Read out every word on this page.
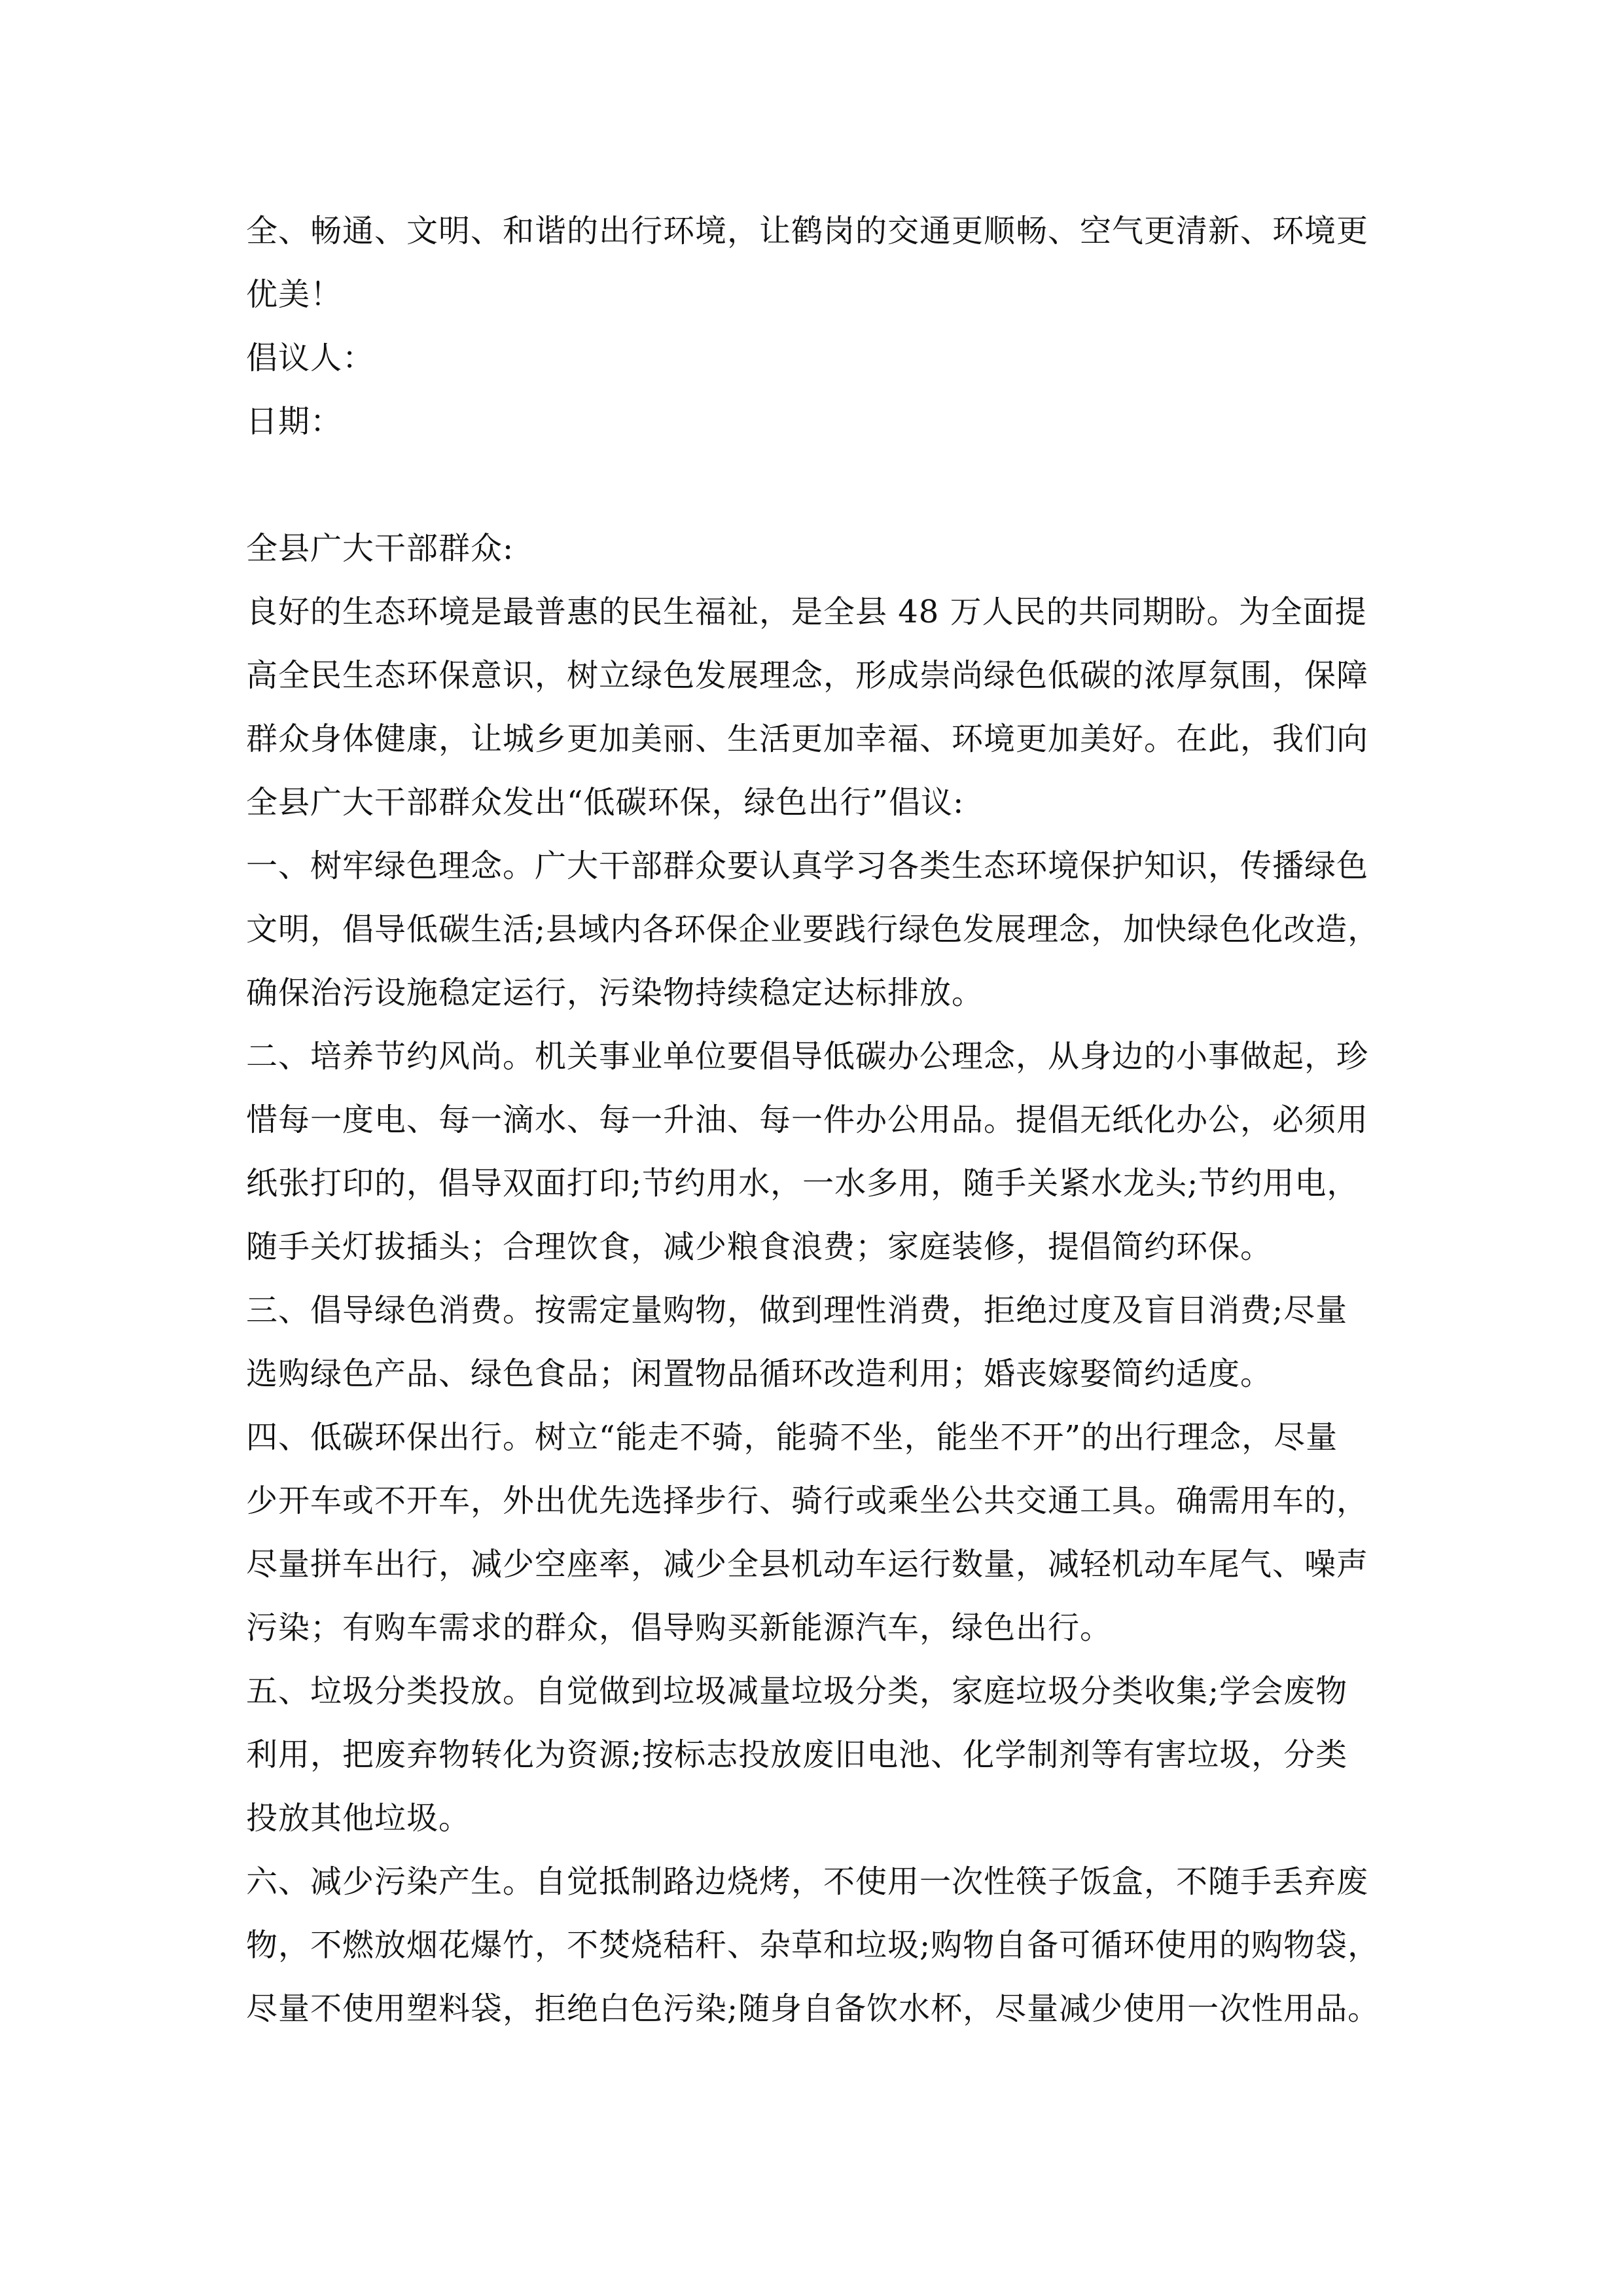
全、畅通、文明、和谐的出行环境，让鹤岗的交通更顺畅、空气更清新、环境更
优美！
倡议人：
日期：
全县广大干部群众:
良好的生态环境是最普惠的民生福祉，是全县 48 万人民的共同期盼。为全面提
高全民生态环保意识，树立绿色发展理念，形成崇尚绿色低碳的浓厚氛围，保障
群众身体健康，让城乡更加美丽、生活更加幸福、环境更加美好。在此，我们向
全县广大干部群众发出“低碳环保，绿色出行”倡议:
一、树牢绿色理念。广大干部群众要认真学习各类生态环境保护知识，传播绿色
文明，倡导低碳生活;县域内各环保企业要践行绿色发展理念，加快绿色化改造，
确保治污设施稳定运行，污染物持续稳定达标排放。
二、培养节约风尚。机关事业单位要倡导低碳办公理念，从身边的小事做起，珍
惜每一度电、每一滴水、每一升油、每一件办公用品。提倡无纸化办公，必须用
纸张打印的，倡导双面打印;节约用水，一水多用，随手关紧水龙头;节约用电，
随手关灯拔插头；合理饮食，减少粮食浪费；家庭装修，提倡简约环保。
三、倡导绿色消费。按需定量购物，做到理性消费，拒绝过度及盲目消费;尽量
选购绿色产品、绿色食品；闲置物品循环改造利用；婚丧嫁娶简约适度。
四、低碳环保出行。树立“能走不骑，能骑不坐，能坐不开”的出行理念，尽量
少开车或不开车，外出优先选择步行、骑行或乘坐公共交通工具。确需用车的，
尽量拼车出行，减少空座率，减少全县机动车运行数量，减轻机动车尾气、噪声
污染；有购车需求的群众，倡导购买新能源汽车，绿色出行。
五、垃圾分类投放。自觉做到垃圾减量垃圾分类，家庭垃圾分类收集;学会废物
利用，把废弃物转化为资源;按标志投放废旧电池、化学制剂等有害垃圾，分类
投放其他垃圾。
六、减少污染产生。自觉抵制路边烧烤，不使用一次性筷子饭盒，不随手丢弃废
物，不燃放烟花爆竹，不焚烧秸秆、杂草和垃圾;购物自备可循环使用的购物袋，
尽量不使用塑料袋，拒绝白色污染;随身自备饮水杯，尽量减少使用一次性用品。
